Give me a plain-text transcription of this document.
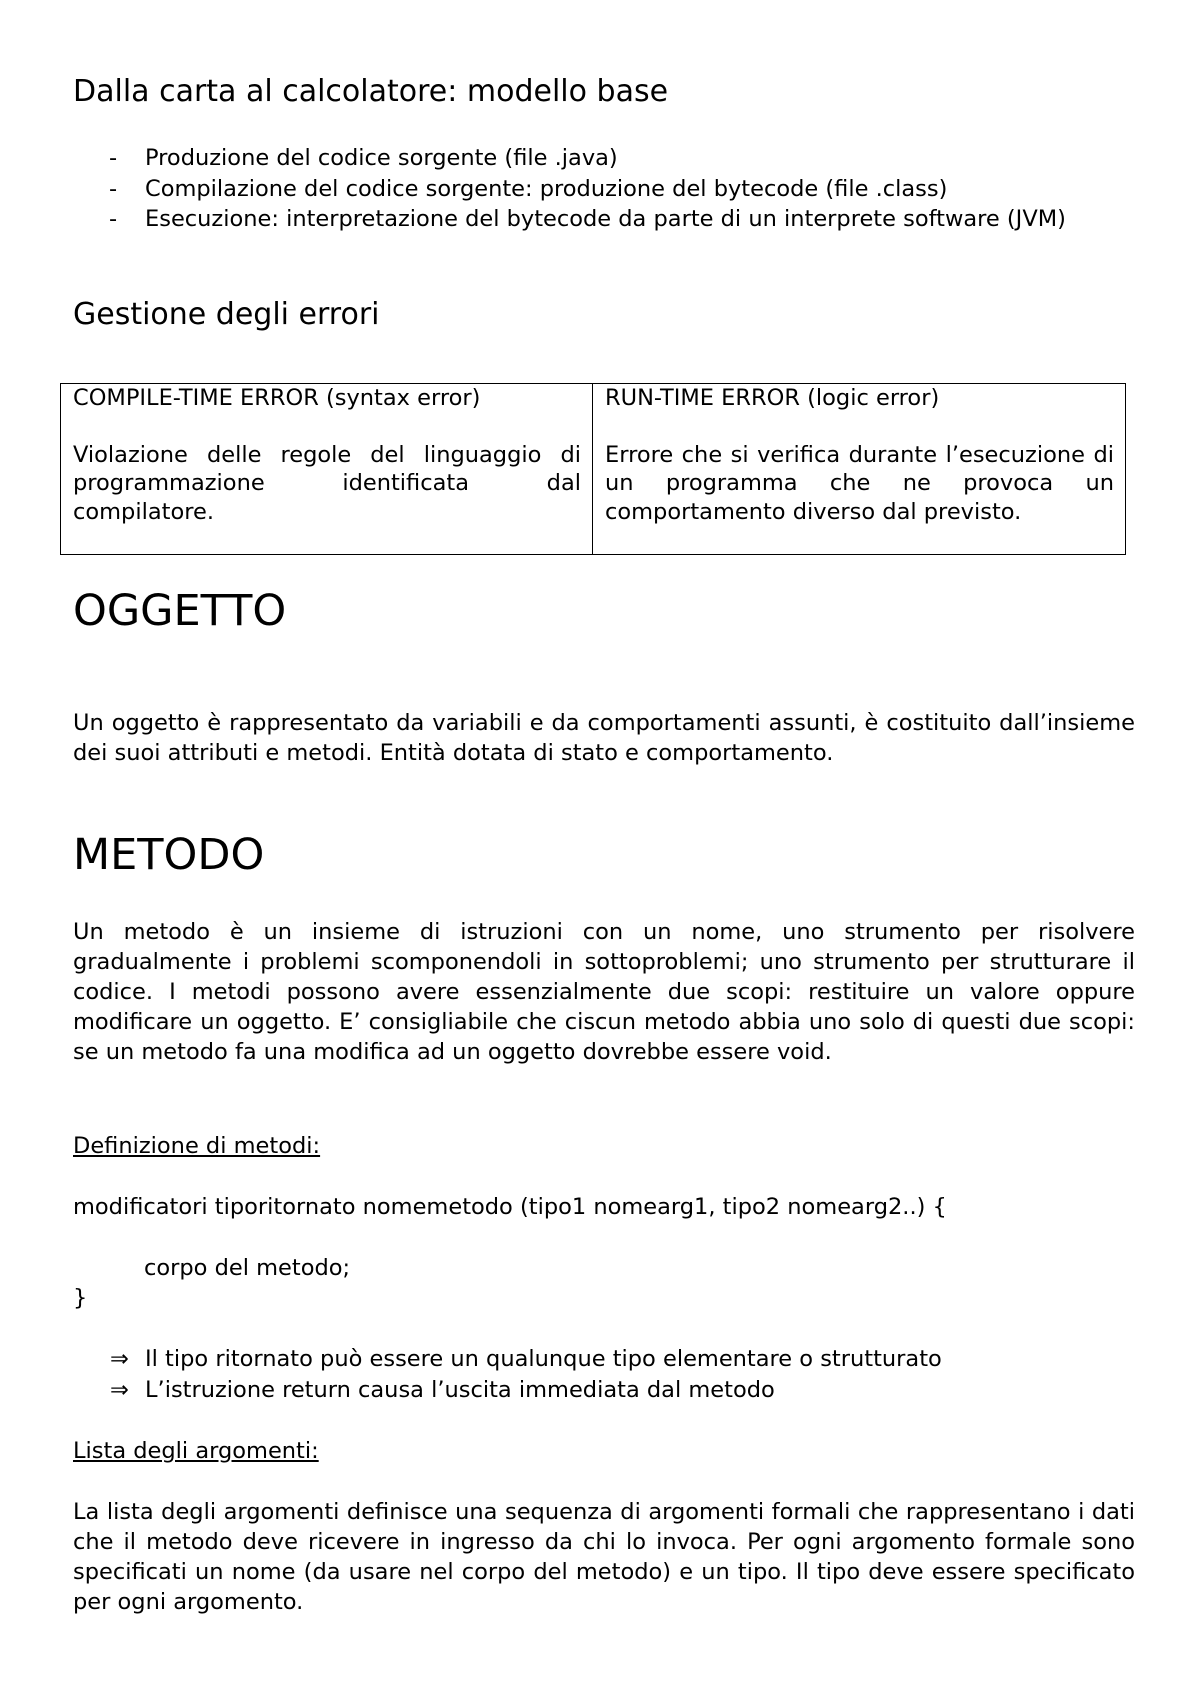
Dalla carta al calcolatore: modello base
- Produzione del codice sorgente (file .java)
- Compilazione del codice sorgente: produzione del bytecode (file .class)
- Esecuzione: interpretazione del bytecode da parte di un interprete software (JVM)
Gestione degli errori
COMPILE-TIME ERROR (syntax error)
Violazione delle regole del linguaggio di programmazione identificata dal compilatore.

RUN-TIME ERROR (logic error)
Errore che si verifica durante l’esecuzione di un programma che ne provoca un comportamento diverso dal previsto.
OGGETTO

Un oggetto è rappresentato da variabili e da comportamenti assunti, è costituito dall’insieme dei suoi attributi e metodi. Entità dotata di stato e comportamento.

METODO

Un metodo è un insieme di istruzioni con un nome, uno strumento per risolvere gradualmente i problemi scomponendoli in sottoproblemi; uno strumento per strutturare il codice. I metodi possono avere essenzialmente due scopi: restituire un valore oppure modificare un oggetto. E’ consigliabile che ciscun metodo abbia uno solo di questi due scopi: se un metodo fa una modifica ad un oggetto dovrebbe essere void.

Definizione di metodi:

modificatori tiporitornato nomemetodo (tipo1 nomearg1, tipo2 nomearg2..) {

corpo del metodo;

}

⇒ Il tipo ritornato può essere un qualunque tipo elementare o strutturato
⇒ L’istruzione return causa l’uscita immediata dal metodo

Lista degli argomenti:

La lista degli argomenti definisce una sequenza di argomenti formali che rappresentano i dati che il metodo deve ricevere in ingresso da chi lo invoca. Per ogni argomento formale sono specificati un nome (da usare nel corpo del metodo) e un tipo. Il tipo deve essere specificato per ogni argomento.
